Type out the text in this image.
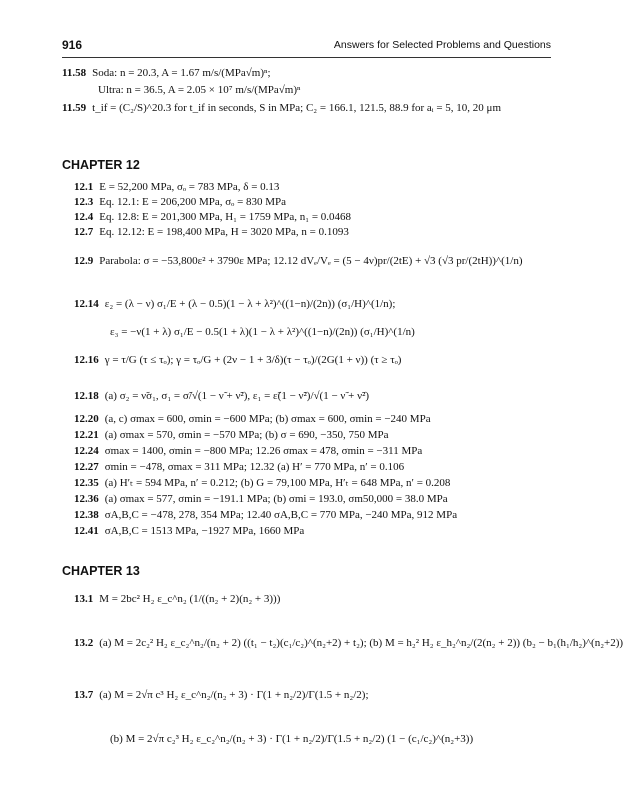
916	Answers for Selected Problems and Questions
11.58 Soda: n = 20.3, A = 1.67 m/s/(MPa√m)ⁿ;
Ultra: n = 36.5, A = 2.05 × 10⁷ m/s/(MPa√m)ⁿ
11.59 t_if = (C₂/S)^20.3 for t_if in seconds, S in MPa; C₂ = 166.1, 121.5, 88.9 for aᵢ = 5, 10, 20 μm
CHAPTER 12
12.1 E = 52,200 MPa, σₒ = 783 MPa, δ = 0.13
12.3 Eq. 12.1: E = 206,200 MPa, σₒ = 830 MPa
12.4 Eq. 12.8: E = 201,300 MPa, H₁ = 1759 MPa, n₁ = 0.0468
12.7 Eq. 12.12: E = 198,400 MPa, H = 3020 MPa, n = 0.1093
12.9 Parabola: σ = −53,800ε² + 3790ε MPa; 12.12 dVₑ/Vₑ = (5 − 4ν)pr/(2tE) + √3 (√3 pr/(2tH))^(1/n)
12.14 ε₂ = (λ − ν) σ₁/E + (λ − 0.5)(1 − λ + λ²)^((1−n)/(2n)) (σ₁/H)^(1/n);
ε₃ = −ν(1 + λ) σ₁/E − 0.5(1 + λ)(1 − λ + λ²)^((1−n)/(2n)) (σ₁/H)^(1/n)
12.16 γ = τ/G (τ ≤ τₒ); γ = τₒ/G + (2ν − 1 + 3/δ)(τ − τₒ)/(2G(1 + ν)) (τ ≥ τₒ)
12.18 (a) σ₂ = ν̃σ₁, σ₁ = σ̃/√(1 − ν̃ + ν̃²), ε₁ = ε̃(1 − ν̃²)/√(1 − ν̃ + ν̃²)
12.20 (a, c) σmax = 600, σmin = −600 MPa; (b) σmax = 600, σmin = −240 MPa
12.21 (a) σmax = 570, σmin = −570 MPa; (b) σ = 690, −350, 750 MPa
12.24 σmax = 1400, σmin = −800 MPa; 12.26 σmax = 478, σmin = −311 MPa
12.27 σmin = −478, σmax = 311 MPa; 12.32 (a) H′ = 770 MPa, n′ = 0.106
12.35 (a) H′ₜ = 594 MPa, n′ = 0.212; (b) G = 79,100 MPa, H′ₜ = 648 MPa, n′ = 0.208
12.36 (a) σmax = 577, σmin = −191.1 MPa; (b) σmi = 193.0, σm50,000 = 38.0 MPa
12.38 σA,B,C = −478, 278, 354 MPa; 12.40 σA,B,C = 770 MPa, −240 MPa, 912 MPa
12.41 σA,B,C = 1513 MPa, −1927 MPa, 1660 MPa
CHAPTER 13
13.1 M = 2bc² H₂ ε_c^n₂ (1/((n₂ + 2)(n₂ + 3)))
13.2 (a) M = 2c₂² H₂ ε_c₂^n₂/(n₂ + 2) ((t₁ − t₂)(c₁/c₂)^(n₂+2) + t₂); (b) M = h₂² H₂ ε_h₂^n₂/(2(n₂ + 2)) (b₂ − b₁(h₁/h₂)^(n₂+2))
13.7 (a) M = 2√π c³ H₂ ε_c^n₂/(n₂ + 3) · Γ(1 + n₂/2)/Γ(1.5 + n₂/2);
(b) M = 2√π c₂³ H₂ ε_c₂^n₂/(n₂ + 3) · Γ(1 + n₂/2)/Γ(1.5 + n₂/2) (1 − (c₁/c₂)^(n₂+3))
